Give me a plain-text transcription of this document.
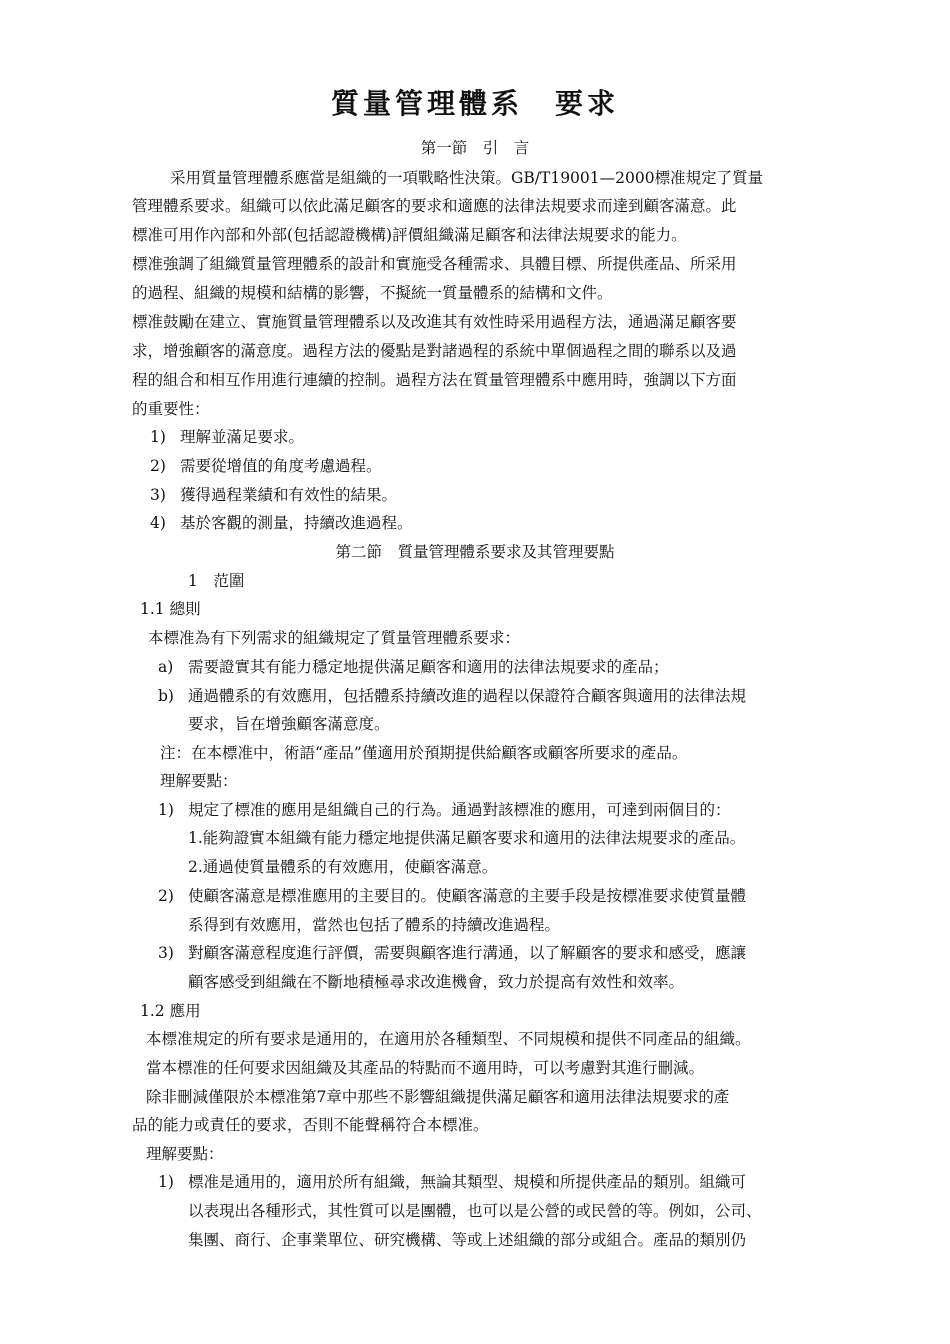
質量管理體系　要求
第一節　引　言
采用質量管理體系應當是組織的一項戰略性決策。GB/T19001—2000標准規定了質量
管理體系要求。組織可以依此滿足顧客的要求和適應的法律法規要求而達到顧客滿意。此
標准可用作內部和外部(包括認證機構)評價組織滿足顧客和法律法規要求的能力。
標准強調了組織質量管理體系的設計和實施受各種需求、具體目標、所提供產品、所采用
的過程、組織的規模和結構的影響，不擬統一質量體系的結構和文件。
標准鼓勵在建立、實施質量管理體系以及改進其有效性時采用過程方法，通過滿足顧客要
求，增強顧客的滿意度。過程方法的優點是對諸過程的系統中單個過程之間的聯系以及過
程的組合和相互作用進行連續的控制。過程方法在質量管理體系中應用時，強調以下方面
的重要性：
1) 理解並滿足要求。
2) 需要從增值的角度考慮過程。
3) 獲得過程業績和有效性的結果。
4) 基於客觀的測量，持續改進過程。
第二節　質量管理體系要求及其管理要點
1　范圍
1.1 總則
本標准為有下列需求的組織規定了質量管理體系要求：
a) 需要證實其有能力穩定地提供滿足顧客和適用的法律法規要求的產品；
b) 通過體系的有效應用，包括體系持續改進的過程以保證符合顧客與適用的法律法規
要求，旨在增強顧客滿意度。
注：在本標准中，術語“產品”僅適用於預期提供給顧客或顧客所要求的產品。
理解要點：
1) 規定了標准的應用是組織自己的行為。通過對該標准的應用，可達到兩個目的：
1.能夠證實本組織有能力穩定地提供滿足顧客要求和適用的法律法規要求的產品。
2.通過使質量體系的有效應用，使顧客滿意。
2) 使顧客滿意是標准應用的主要目的。使顧客滿意的主要手段是按標准要求使質量體
系得到有效應用，當然也包括了體系的持續改進過程。
3) 對顧客滿意程度進行評價，需要與顧客進行溝通，以了解顧客的要求和感受，應讓
顧客感受到組織在不斷地積極尋求改進機會，致力於提高有效性和效率。
1.2 應用
本標准規定的所有要求是通用的，在適用於各種類型、不同規模和提供不同產品的組織。
當本標准的任何要求因組織及其產品的特點而不適用時，可以考慮對其進行刪減。
除非刪減僅限於本標准第7章中那些不影響組織提供滿足顧客和適用法律法規要求的產
品的能力或責任的要求，否則不能聲稱符合本標准。
理解要點：
1) 標准是通用的，適用於所有組織，無論其類型、規模和所提供產品的類別。組織可
以表現出各種形式，其性質可以是團體，也可以是公營的或民營的等。例如，公司、
集團、商行、企事業單位、研究機構、等或上述組織的部分或組合。產品的類別仍
